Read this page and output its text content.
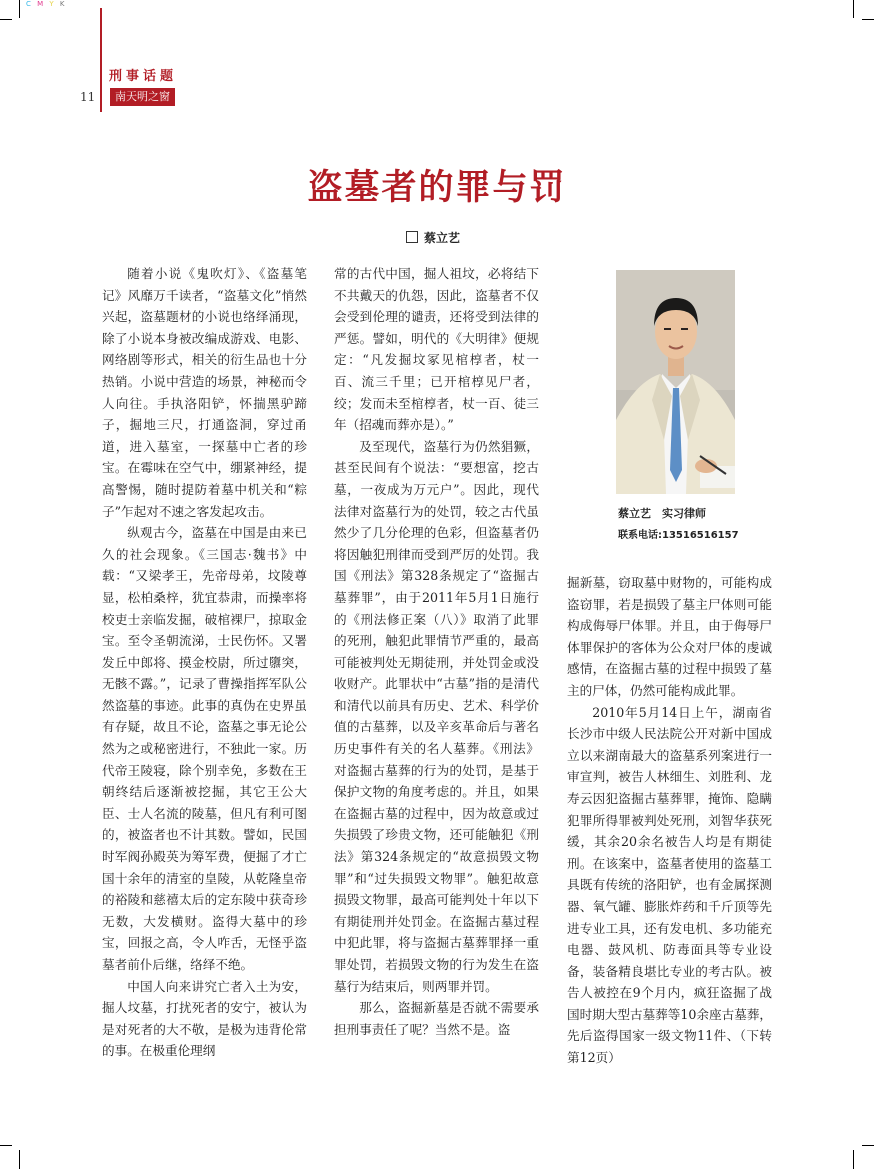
C M Y K
刑事话题
11	南天明之窗
盗墓者的罪与罚
蔡立艺

随着小说《鬼吹灯》、《盗墓笔记》风靡万千读者，“盗墓文化”悄然兴起，盗墓题材的小说也络绎涌现，除了小说本身被改编成游戏、电影、网络剧等形式，相关的衍生品也十分热销。小说中营造的场景，神秘而令人向往。手执洛阳铲，怀揣黑驴蹄子，掘地三尺，打通盗洞，穿过甬道，进入墓室，一探墓中亡者的珍宝。在霉味在空气中，绷紧神经，提高警惕，随时提防着墓中机关和“粽子”乍起对不速之客发起攻击。

纵观古今，盗墓在中国是由来已久的社会现象。《三国志·魏书》中载：“又梁孝王，先帝母弟，坟陵尊显，松柏桑梓，犹宜恭肃，而操率将校吏士亲临发掘，破棺裸尸，掠取金宝。至令圣朝流涕，士民伤怀。又署发丘中郎将、摸金校尉，所过隳突，无骸不露。”，记录了曹操指挥军队公然盗墓的事迹。此事的真伪在史界虽有存疑，故且不论，盗墓之事无论公然为之或秘密进行，不独此一家。历代帝王陵寝，除个别幸免，多数在王朝终结后逐渐被挖掘，其它王公大臣、士人名流的陵墓，但凡有利可图的，被盗者也不计其数。譬如，民国时军阀孙殿英为筹军费，便掘了才亡国十余年的清室的皇陵，从乾隆皇帝的裕陵和慈禧太后的定东陵中获奇珍无数，大发横财。盗得大墓中的珍宝，回报之高，令人咋舌，无怪乎盗墓者前仆后继，络绎不绝。

中国人向来讲究亡者入土为安，掘人坟墓，打扰死者的安宁，被认为是对死者的大不敬，是极为违背伦常的事。在极重伦理纲

常的古代中国，掘人祖坟，必将结下不共戴天的仇怨，因此，盗墓者不仅会受到伦理的谴责，还将受到法律的严惩。譬如，明代的《大明律》便规定：“凡发掘坟冢见棺椁者，杖一百、流三千里；已开棺椁见尸者，绞；发而未至棺椁者，杖一百、徒三年（招魂而葬亦是）。”

及至现代，盗墓行为仍然猖獗，甚至民间有个说法：“要想富，挖古墓，一夜成为万元户”。因此，现代法律对盗墓行为的处罚，较之古代虽然少了几分伦理的色彩，但盗墓者仍将因触犯刑律而受到严厉的处罚。我国《刑法》第328条规定了“盗掘古墓葬罪”，由于2011年5月1日施行的《刑法修正案（八）》取消了此罪的死刑，触犯此罪情节严重的，最高可能被判处无期徒刑，并处罚金或没收财产。此罪状中“古墓”指的是清代和清代以前具有历史、艺术、科学价值的古墓葬，以及辛亥革命后与著名历史事件有关的名人墓葬。《刑法》对盗掘古墓葬的行为的处罚，是基于保护文物的角度考虑的。并且，如果在盗掘古墓的过程中，因为故意或过失损毁了珍贵文物，还可能触犯《刑法》第324条规定的“故意损毁文物罪”和“过失损毁文物罪”。触犯故意损毁文物罪，最高可能判处十年以下有期徒刑并处罚金。在盗掘古墓过程中犯此罪，将与盗掘古墓葬罪择一重罪处罚，若损毁文物的行为发生在盗墓行为结束后，则两罪并罚。

那么，盗掘新墓是否就不需要承担刑事责任了呢？当然不是。盗

蔡立艺　实习律师
联系电话:13516516157

掘新墓，窃取墓中财物的，可能构成盗窃罪，若是损毁了墓主尸体则可能构成侮辱尸体罪。并且，由于侮辱尸体罪保护的客体为公众对尸体的虔诚感情，在盗掘古墓的过程中损毁了墓主的尸体，仍然可能构成此罪。

2010年5月14日上午，湖南省长沙市中级人民法院公开对新中国成立以来湖南最大的盗墓系列案进行一审宣判，被告人林细生、刘胜利、龙寿云因犯盗掘古墓葬罪，掩饰、隐瞒犯罪所得罪被判处死刑，刘智华获死缓，其余20余名被告人均是有期徒刑。在该案中，盗墓者使用的盗墓工具既有传统的洛阳铲，也有金属探测器、氧气罐、膨胀炸药和千斤顶等先进专业工具，还有发电机、多功能充电器、鼓风机、防毒面具等专业设备，装备精良堪比专业的考古队。被告人被控在9个月内，疯狂盗掘了战国时期大型古墓葬等10余座古墓葬，先后盗得国家一级文物11件、（下转第12页）
